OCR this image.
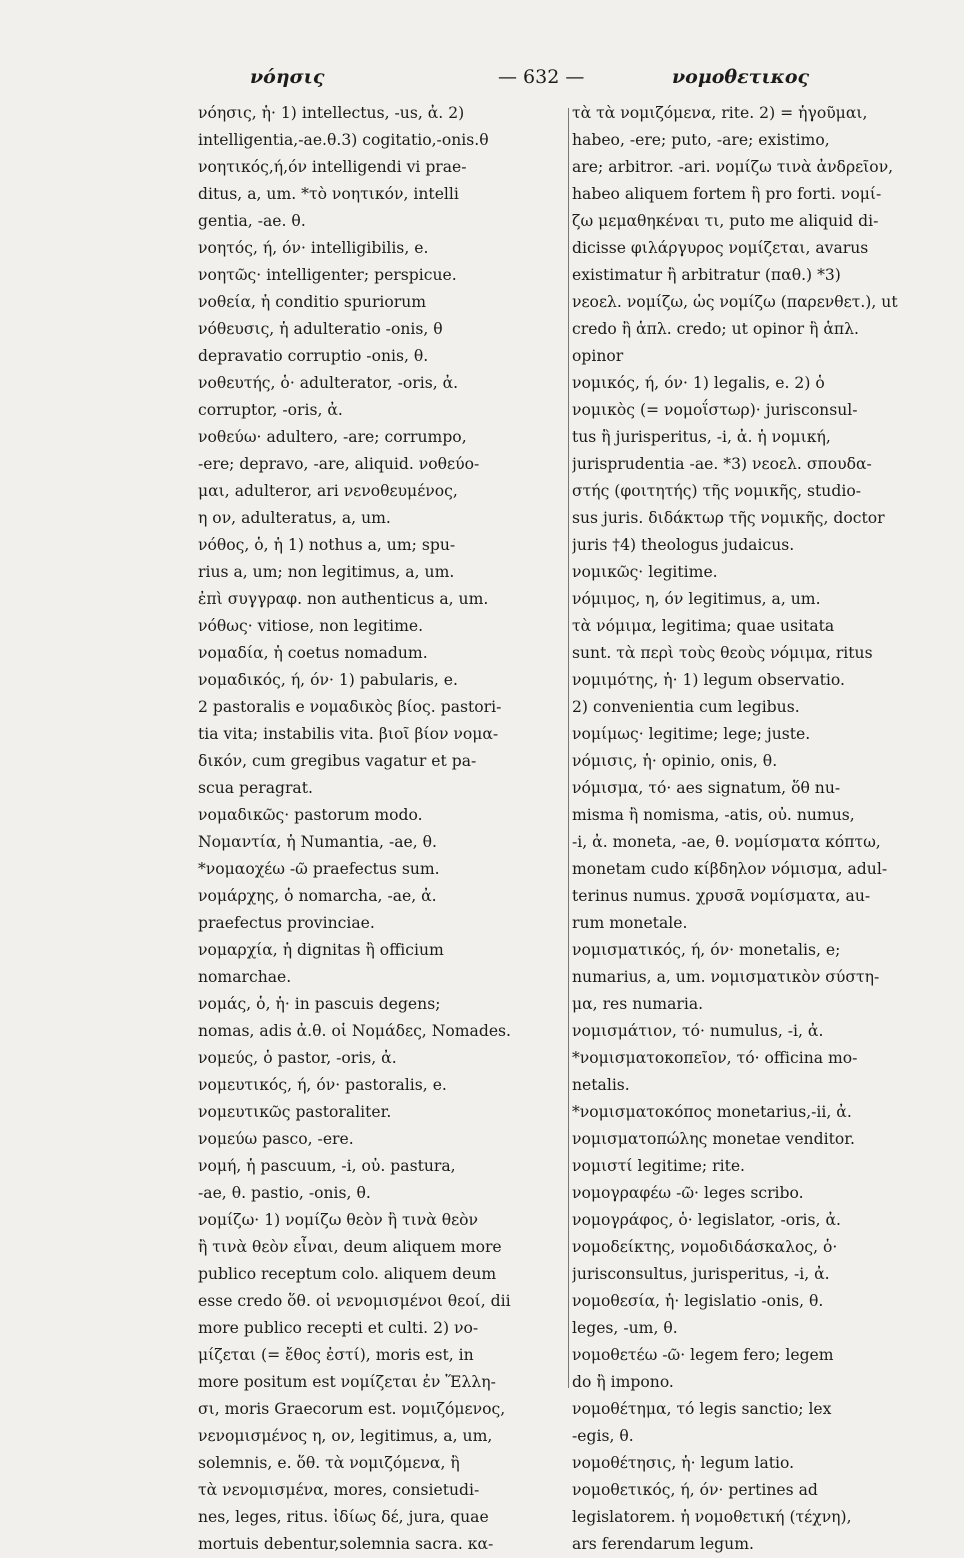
νόησις	— 632 —	νομοθετικος
νόησις, ἡ· 1) intellectus, -us, ἀ. 2)
intelligentia,-ae.θ.3) cogitatio,-onis.θ
νοητικός,ή,όν intelligendi vi prae-
ditus, a, um. *τὸ νοητικόν, intelli
gentia, -ae. θ.
νοητός, ή, όν· intelligibilis, e.
νοητῶς· intelligenter; perspicue.
νοθεία, ἡ conditio spuriorum
νόθευσις, ἡ adulteratio -onis, θ
depravatio corruptio -onis, θ.
νοθευτής, ὁ· adulterator, -oris, ἀ.
corruptor, -oris, ἀ.
νοθεύω· adultero, -are; corrumpo,
-ere; depravo, -are, aliquid. νοθεύο-
μαι, adulteror, ari νενοθευμένος,
η ον, adulteratus, a, um.
νόθος, ὁ, ἡ 1) nothus a, um; spu-
rius a, um; non legitimus, a, um.
ἐπὶ συγγραφ. non authenticus a, um.
νόθως· vitiose, non legitime.
νομαδία, ἡ coetus nomadum.
νομαδικός, ή, όν· 1) pabularis, e.
2 pastoralis e νομαδικὸς βίος. pastori-
tia vita; instabilis vita. βιοῖ βίον νομα-
δικόν, cum gregibus vagatur et pa-
scua peragrat.
νομαδικῶς· pastorum modo.
Νομαντία, ἡ Numantia, -ae, θ.
*νομαοχέω -ῶ praefectus sum.
νομάρχης, ὁ nomarcha, -ae, ἀ.
praefectus provinciae.
νομαρχία, ἡ dignitas ἢ officium
nomarchae.
νομάς, ὁ, ἡ· in pascuis degens;
nomas, adis ἀ.θ. οἱ Νομάδες, Nomades.
νομεύς, ὁ pastor, -oris, ἀ.
νομευτικός, ή, όν· pastoralis, e.
νομευτικῶς pastoraliter.
νομεύω pasco, -ere.
νομή, ἡ pascuum, -i, οὐ. pastura,
-ae, θ. pastio, -onis, θ.
νομίζω· 1) νομίζω θεὸν ἢ τινὰ θεὸν
ἢ τινὰ θεὸν εἶναι, deum aliquem more
publico receptum colo. aliquem deum
esse credo ὅθ. οἱ νενομισμένοι θεοί, dii
more publico recepti et culti. 2) νο-
μίζεται (= ἔθος ἐστί), moris est, in
more positum est νομίζεται ἐν Ἕλλη-
σι, moris Graecorum est. νομιζόμενος,
νενομισμένος η, ον, legitimus, a, um,
solemnis, e. ὅθ. τὰ νομιζόμενα, ἢ
τὰ νενομισμένα, mores, consietudi-
nes, leges, ritus. ἰδίως δέ, jura, quae
mortuis debentur,solemnia sacra. κα-
τὰ τὰ νομιζόμενα, rite. 2) = ἡγοῦμαι,
habeo, -ere; puto, -are; existimo,
are; arbitror. -ari. νομίζω τινὰ ἀνδρεῖον,
habeo aliquem fortem ἢ pro forti. νομί-
ζω μεμαθηκέναι τι, puto me aliquid di-
dicisse φιλάργυρος νομίζεται, avarus
existimatur ἢ arbitratur (παθ.) *3)
νεοελ. νομίζω, ὡς νομίζω (παρενθετ.), ut
credo ἢ ἁπλ. credo; ut opinor ἢ ἁπλ.
opinor
νομικός, ή, όν· 1) legalis, e. 2) ὁ
νομικὸς (= νομοΐστωρ)· jurisconsul-
tus ἢ jurisperitus, -i, ἀ. ἡ νομική,
jurisprudentia -ae. *3) νεοελ. σπουδα-
στής (φοιτητής) τῆς νομικῆς, studio-
sus juris. διδάκτωρ τῆς νομικῆς, doctor
juris †4) theologus judaicus.
νομικῶς· legitime.
νόμιμος, η, όν legitimus, a, um.
τὰ νόμιμα, legitima; quae usitata
sunt. τὰ περὶ τοὺς θεοὺς νόμιμα, ritus
νομιμότης, ἡ· 1) legum observatio.
2) convenientia cum legibus.
νομίμως· legitime; lege; juste.
νόμισις, ἡ· opinio, onis, θ.
νόμισμα, τό· aes signatum, ὅθ nu-
misma ἢ nomisma, -atis, οὐ. numus,
-i, ἀ. moneta, -ae, θ. νομίσματα κόπτω,
monetam cudo κίβδηλον νόμισμα, adul-
terinus numus. χρυσᾶ νομίσματα, au-
rum monetale.
νομισματικός, ή, όν· monetalis, e;
numarius, a, um. νομισματικὸν σύστη-
μα, res numaria.
νομισμάτιον, τό· numulus, -i, ἀ.
*νομισματοκοπεῖον, τό· officina mo-
netalis.
*νομισματοκόπος monetarius,-ii, ἀ.
νομισματοπώλης monetae venditor.
νομιστί legitime; rite.
νομογραφέω -ῶ· leges scribo.
νομογράφος, ὁ· legislator, -oris, ἀ.
νομοδείκτης, νομοδιδάσκαλος, ὁ·
jurisconsultus, jurisperitus, -i, ἀ.
νομοθεσία, ἡ· legislatio -onis, θ.
leges, -um, θ.
νομοθετέω -ῶ· legem fero; legem
do ἢ impono.
νομοθέτημα, τό legis sanctio; lex
-egis, θ.
νομοθέτησις, ἡ· legum latio.
νομοθετικός, ή, όν· pertines ad
legislatorem. ἡ νομοθετική (τέχνη),
ars ferendarum legum.
